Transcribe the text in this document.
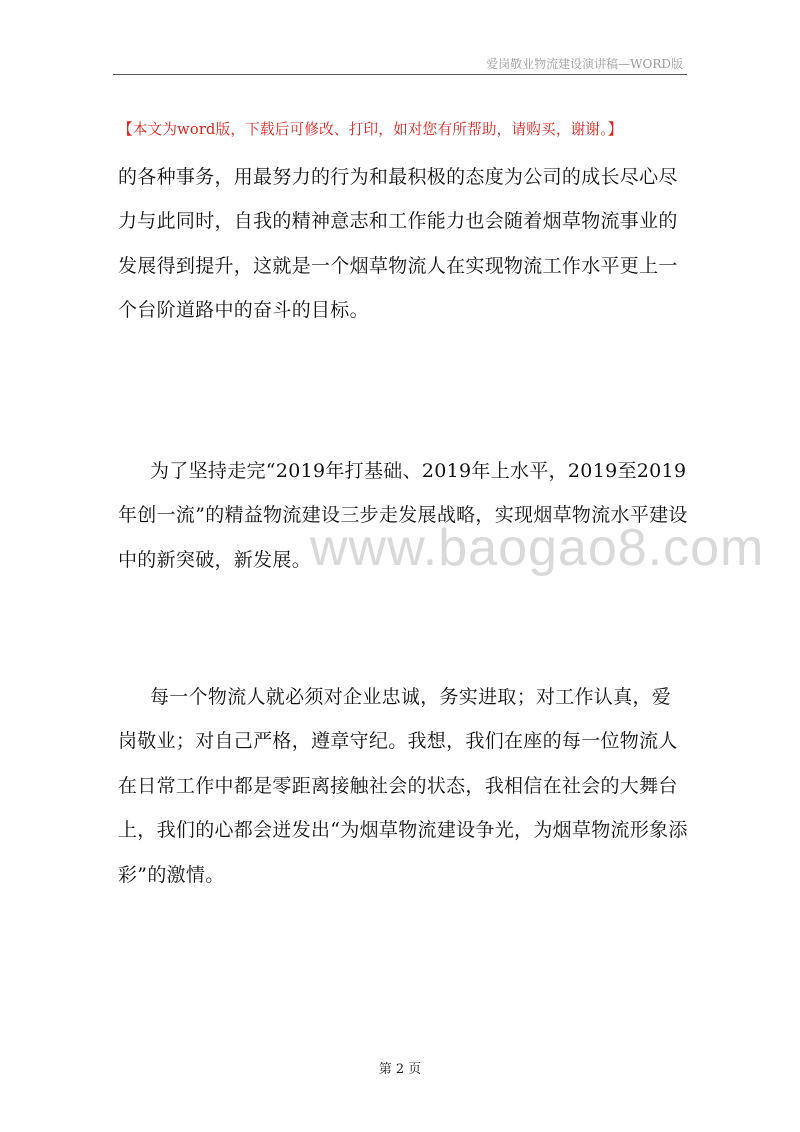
爱岗敬业物流建设演讲稿—WORD版
【本文为word版，下载后可修改、打印，如对您有所帮助，请购买，谢谢。】

的各种事务，用最努力的行为和最积极的态度为公司的成长尽心尽力与此同时，自我的精神意志和工作能力也会随着烟草物流事业的发展得到提升，这就是一个烟草物流人在实现物流工作水平更上一个台阶道路中的奋斗的目标。

为了坚持走完“2019年打基础、2019年上水平，2019至2019年创一流”的精益物流建设三步走发展战略，实现烟草物流水平建设中的新突破，新发展。

每一个物流人就必须对企业忠诚，务实进取；对工作认真，爱岗敬业；对自己严格，遵章守纪。我想，我们在座的每一位物流人在日常工作中都是零距离接触社会的状态，我相信在社会的大舞台上，我们的心都会迸发出“为烟草物流建设争光，为烟草物流形象添彩”的激情。

www.baogao8.com
第 2 页
